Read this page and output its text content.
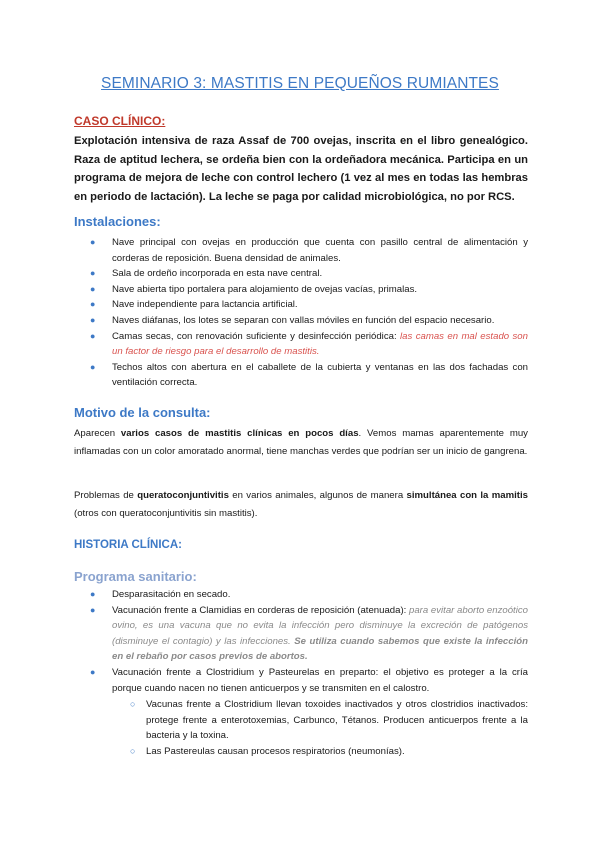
SEMINARIO 3: MASTITIS EN PEQUEÑOS RUMIANTES
CASO CLÍNICO:
Explotación intensiva de raza Assaf de 700 ovejas, inscrita en el libro genealógico. Raza de aptitud lechera, se ordeña bien con la ordeñadora mecánica. Participa en un programa de mejora de leche con control lechero (1 vez al mes en todas las hembras en periodo de lactación). La leche se paga por calidad microbiológica, no por RCS.
Instalaciones:
●	Nave principal con ovejas en producción que cuenta con pasillo central de alimentación y corderas de reposición. Buena densidad de animales.
●	Sala de ordeño incorporada en esta nave central.
●	Nave abierta tipo portalera para alojamiento de ovejas vacías, primalas.
●	Nave independiente para lactancia artificial.
●	Naves diáfanas, los lotes se separan con vallas móviles en función del espacio necesario.
●	Camas secas, con renovación suficiente y desinfección periódica: las camas en mal estado son un factor de riesgo para el desarrollo de mastitis.
●	Techos altos con abertura en el caballete de la cubierta y ventanas en las dos fachadas con ventilación correcta.
Motivo de la consulta:
Aparecen varios casos de mastitis clínicas en pocos días. Vemos mamas aparentemente muy inflamadas con un color amoratado anormal, tiene manchas verdes que podrían ser un inicio de gangrena.
Problemas de queratoconjuntivitis en varios animales, algunos de manera simultánea con la mamitis (otros con queratoconjuntivitis sin mastitis).
HISTORIA CLÍNICA:
Programa sanitario:
●	Desparasitación en secado.
●	Vacunación frente a Clamidias en corderas de reposición (atenuada): para evitar aborto enzoótico ovino, es una vacuna que no evita la infección pero disminuye la excreción de patógenos (disminuye el contagio) y las infecciones. Se utiliza cuando sabemos que existe la infección en el rebaño por casos previos de abortos.
●	Vacunación frente a Clostridium y Pasteurelas en preparto: el objetivo es proteger a la cría porque cuando nacen no tienen anticuerpos y se transmiten en el calostro.
○ Vacunas frente a Clostridium llevan toxoides inactivados y otros clostridios inactivados: protege frente a enterotoxemias, Carbunco, Tétanos. Producen anticuerpos frente a la bacteria y la toxina.
○ Las Pastereulas causan procesos respiratorios (neumonías).
